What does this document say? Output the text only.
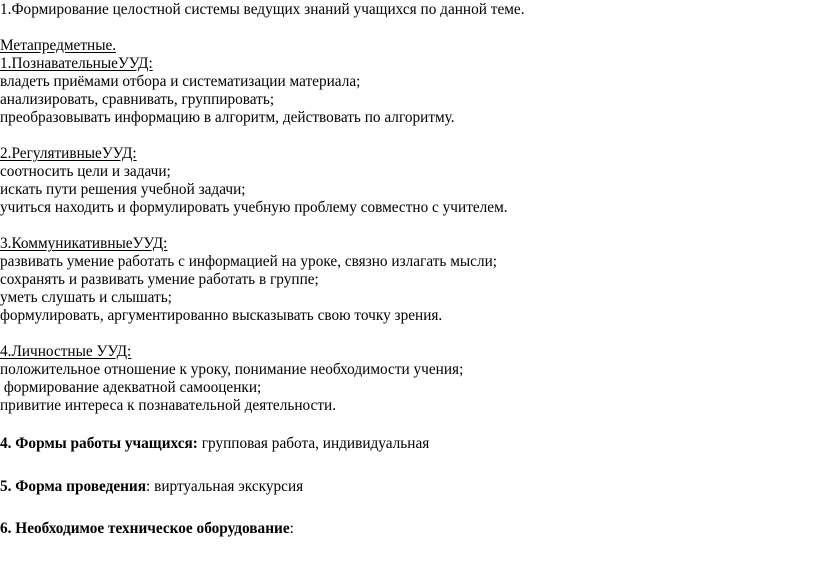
1.Формирование целостной системы ведущих знаний учащихся по данной теме.
Метапредметные.
1.ПознавательныеУУД:
владеть приёмами отбора и систематизации материала;
анализировать, сравнивать, группировать;
преобразовывать информацию в алгоритм, действовать по алгоритму.
2.РегулятивныеУУД:
соотносить цели и задачи;
искать пути решения учебной задачи;
учиться находить и формулировать учебную проблему совместно с учителем.
3.КоммуникативныеУУД:
развивать умение работать с информацией на уроке, связно излагать мысли;
сохранять и развивать умение работать в группе;
уметь слушать и слышать;
формулировать, аргументированно высказывать свою точку зрения.
4.Личностные УУД:
положительное отношение к уроку, понимание необходимости учения;
формирование адекватной самооценки;
привитие интереса к познавательной деятельности.
4. Формы работы учащихся: групповая работа, индивидуальная
5. Форма проведения: виртуальная экскурсия
6. Необходимое техническое оборудование:
